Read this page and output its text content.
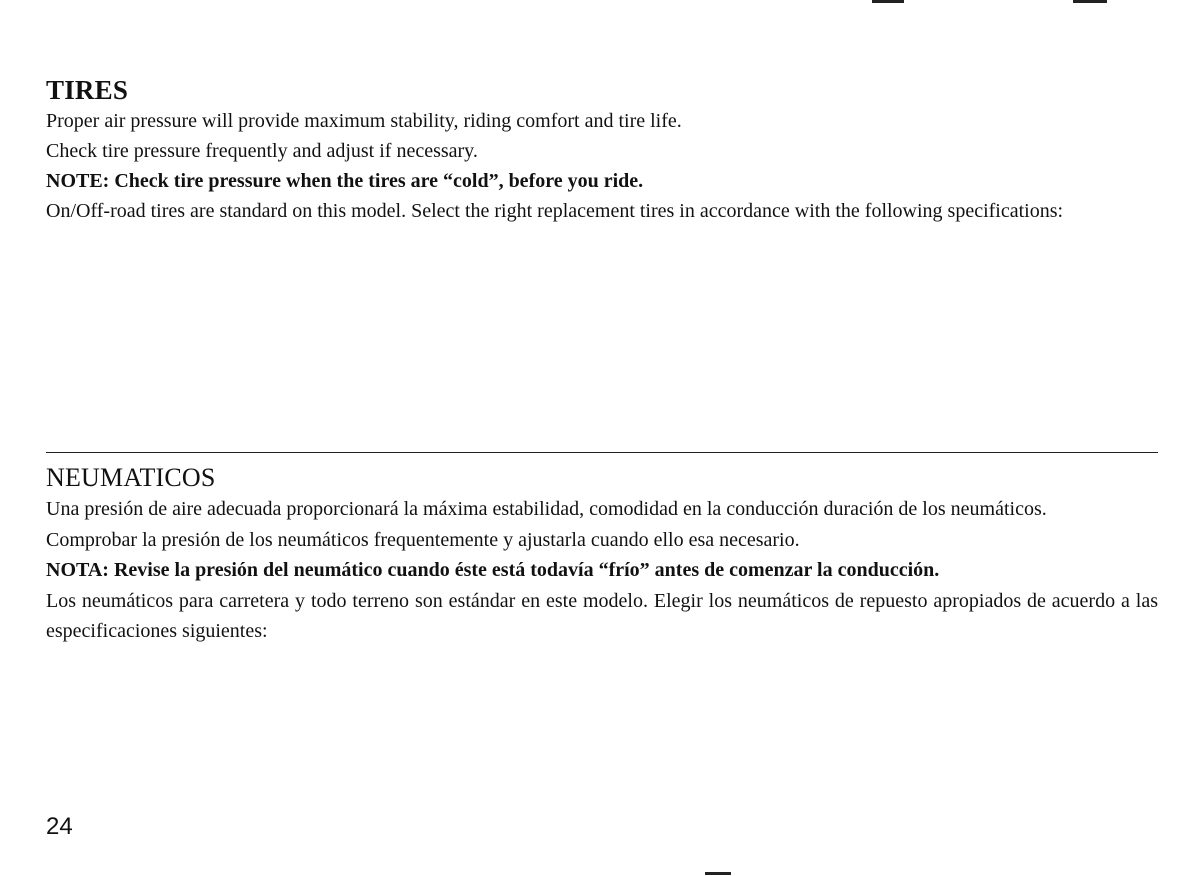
TIRES

Proper air pressure will provide maximum stability, riding comfort and tire life.

Check tire pressure frequently and adjust if necessary.

NOTE: Check tire pressure when the tires are “cold”, before you ride.

On/Off-road tires are standard on this model. Select the right replacement tires in accordance with the following specifications:

NEUMATICOS

Una presión de aire adecuada proporcionará la máxima estabilidad, comodidad en la conducción duración de los neumáticos.

Comprobar la presión de los neumáticos frequentemente y ajustarla cuando ello esa necesario.

NOTA: Revise la presión del neumático cuando éste está todavía “frío” antes de comenzar la conducción.

Los neumáticos para carretera y todo terreno son estándar en este modelo. Elegir los neumáticos de repuesto apropiados de acuerdo a las especificaciones siguientes:

24
